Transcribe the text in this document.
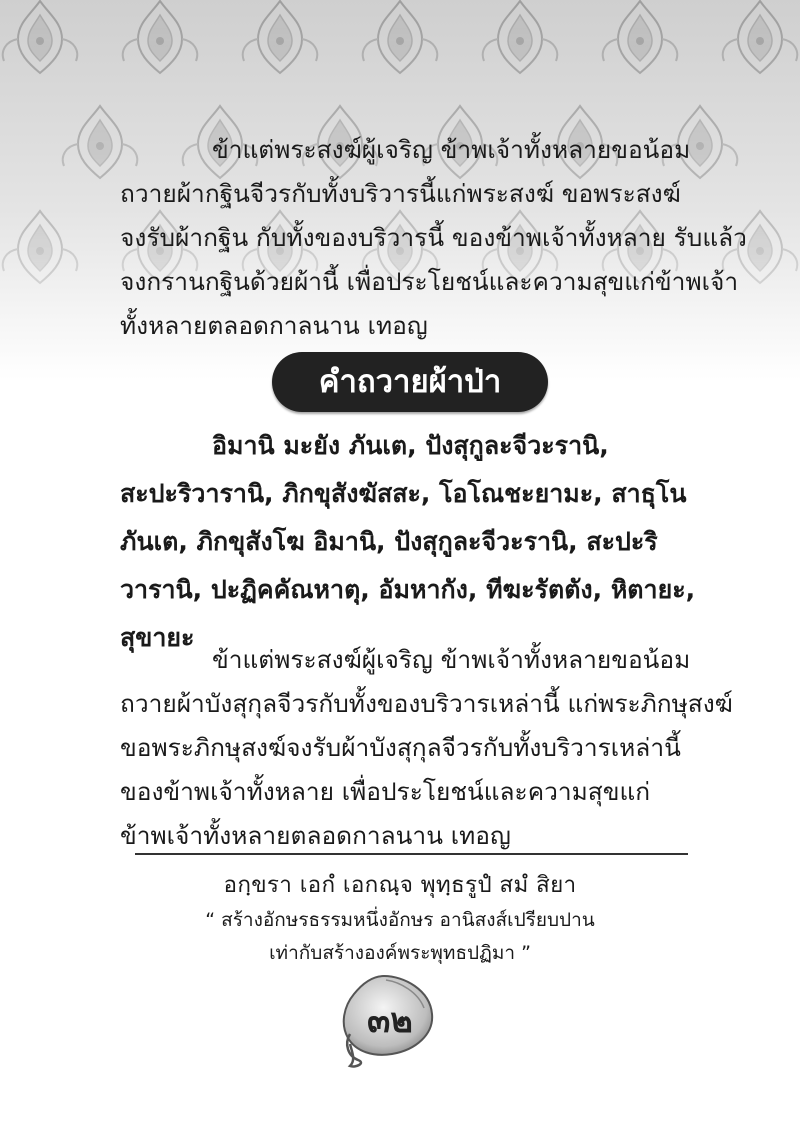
ข้าแต่พระสงฆ์ผู้เจริญ ข้าพเจ้าทั้งหลายขอน้อม
ถวายผ้ากฐินจีวรกับทั้งบริวารนี้แก่พระสงฆ์ ขอพระสงฆ์
จงรับผ้ากฐิน กับทั้งของบริวารนี้ ของข้าพเจ้าทั้งหลาย รับแล้ว
จงกรานกฐินด้วยผ้านี้ เพื่อประโยชน์และความสุขแก่ข้าพเจ้า
ทั้งหลายตลอดกาลนาน เทอญ
คำถวายผ้าป่า
อิมานิ มะยัง ภันเต, ปังสุกูละจีวะรานิ,
สะปะริวารานิ, ภิกขุสังฆัสสะ, โอโณชะยามะ, สาธุโน
ภันเต, ภิกขุสังโฆ อิมานิ, ปังสุกูละจีวะรานิ, สะปะริ
วารานิ, ปะฏิคคัณหาตุ, อัมหากัง, ทีฆะรัตตัง, หิตายะ,
สุขายะ
ข้าแต่พระสงฆ์ผู้เจริญ ข้าพเจ้าทั้งหลายขอน้อม
ถวายผ้าบังสุกุลจีวรกับทั้งของบริวารเหล่านี้ แก่พระภิกษุสงฆ์
ขอพระภิกษุสงฆ์จงรับผ้าบังสุกุลจีวรกับทั้งบริวารเหล่านี้
ของข้าพเจ้าทั้งหลาย เพื่อประโยชน์และความสุขแก่
ข้าพเจ้าทั้งหลายตลอดกาลนาน เทอญ
อกฺขรา เอกํ เอกณฺจ พุทฺธรูปํ สมํ สิยา
“ สร้างอักษรธรรมหนึ่งอักษร อานิสงส์เปรียบปาน
เท่ากับสร้างองค์พระพุทธปฏิมา ”
๓๒
